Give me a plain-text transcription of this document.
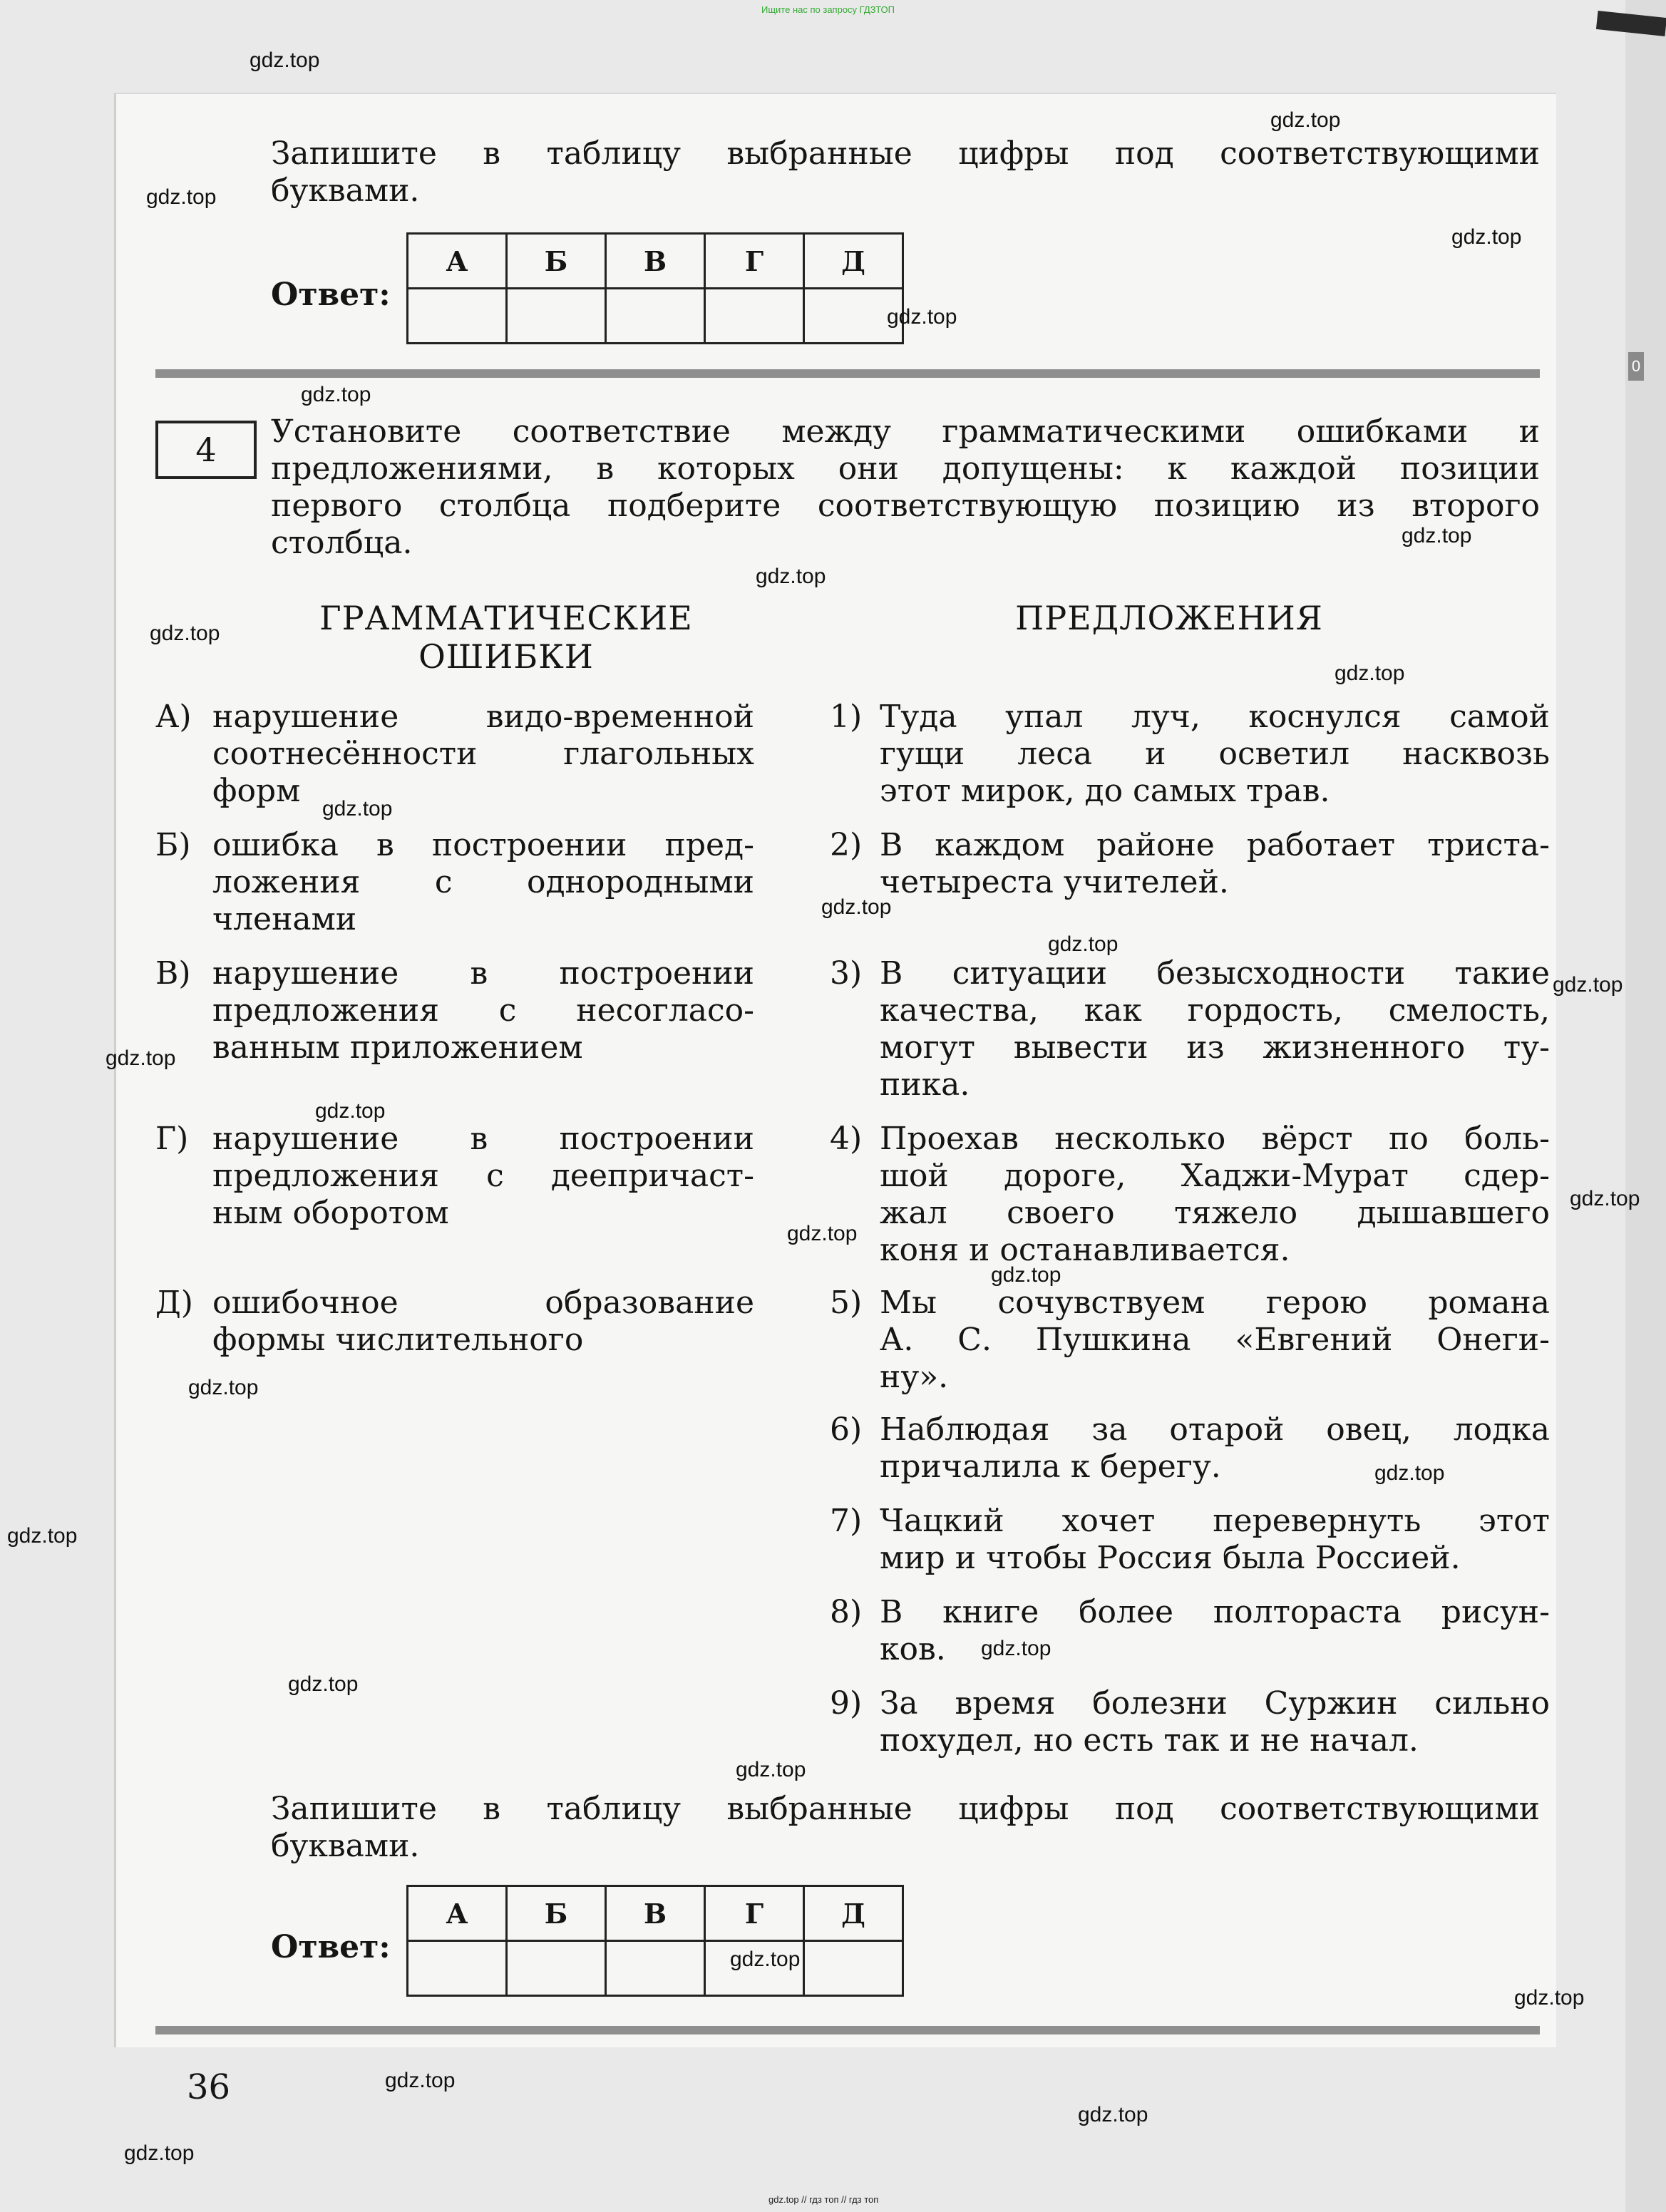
0
Ищите нас по запросу ГДЗТОП
Запишите в таблицу выбранные цифры под соответствующими
буквами.
Ответ:
А	Б	В	Г	Д

4	Установите соответствие между грамматическими ошибками и
предложениями, в которых они допущены: к каждой позиции
первого столбца подберите соответствующую позицию из второго
столбца.
ГРАММАТИЧЕСКИЕ
ОШИБКИ
ПРЕДЛОЖЕНИЯ
А) нарушение видо-временной
соотнесённости глагольных
форм
Б) ошибка в построении пред-
ложения с однородными
членами
В) нарушение в построении
предложения с несогласо-
ванным приложением
Г) нарушение в построении
предложения с деепричаст-
ным оборотом
Д) ошибочное образование
формы числительного
1) Туда упал луч, коснулся самой
гущи леса и осветил насквозь
этот мирок, до самых трав.
2) В каждом районе работает триста-
четыреста учителей.
3) В ситуации безысходности такие
качества, как гордость, смелость,
могут вывести из жизненного ту-
пика.
4) Проехав несколько вёрст по боль-
шой дороге, Хаджи-Мурат сдер-
жал своего тяжело дышавшего
коня и останавливается.
5) Мы сочувствуем герою романа
А. С. Пушкина «Евгений Онеги-
ну».
6) Наблюдая за отарой овец, лодка
причалила к берегу.
7) Чацкий хочет перевернуть этот
мир и чтобы Россия была Россией.
8) В книге более полтораста рисун-
ков.
9) За время болезни Суржин сильно
похудел, но есть так и не начал.
Запишите в таблицу выбранные цифры под соответствующими
буквами.
Ответ:
А	Б	В	Г	Д

36
gdz.top
gdz.top
gdz.top
gdz.top
gdz.top
gdz.top
gdz.top
gdz.top
gdz.top
gdz.top
gdz.top
gdz.top
gdz.top
gdz.top
gdz.top
gdz.top
gdz.top
gdz.top
gdz.top
gdz.top
gdz.top
gdz.top
gdz.top
gdz.top
gdz.top
gdz.top
gdz.top
gdz.top
gdz.top
gdz.top
gdz.top // гдз топ // гдз топ
